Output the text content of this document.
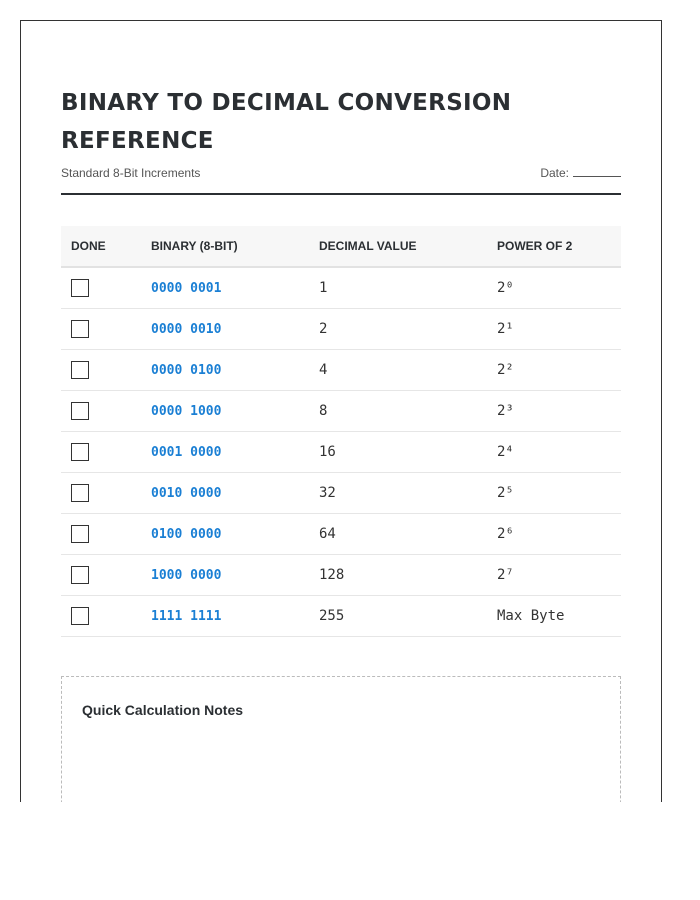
BINARY TO DECIMAL CONVERSION REFERENCE
Standard 8-Bit Increments	Date:
DONE	BINARY (8-BIT)	DECIMAL VALUE	POWER OF 2

	0000 0001	1	2⁰

	0000 0010	2	2¹

	0000 0100	4	2²

	0000 1000	8	2³

	0001 0000	16	2⁴

	0010 0000	32	2⁵

	0100 0000	64	2⁶

	1000 0000	128	2⁷

	1111 1111	255	Max Byte
Quick Calculation Notes
